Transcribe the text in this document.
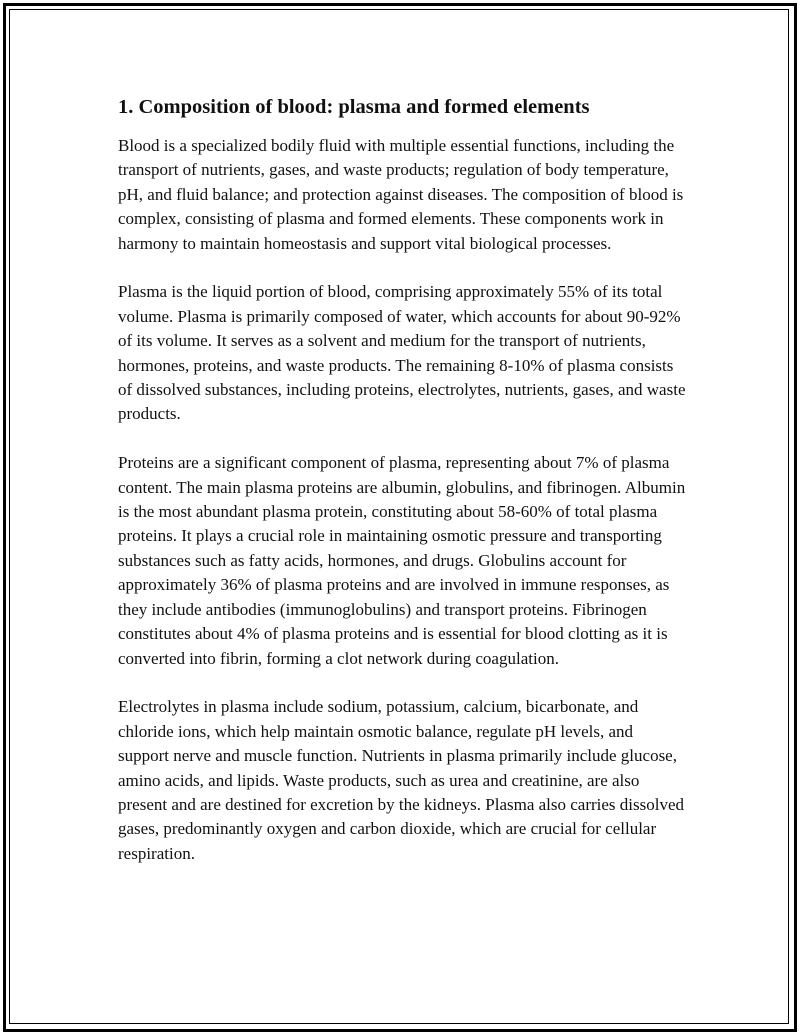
1. Composition of blood: plasma and formed elements

Blood is a specialized bodily fluid with multiple essential functions, including the transport of nutrients, gases, and waste products; regulation of body temperature, pH, and fluid balance; and protection against diseases. The composition of blood is complex, consisting of plasma and formed elements. These components work in harmony to maintain homeostasis and support vital biological processes.

Plasma is the liquid portion of blood, comprising approximately 55% of its total volume. Plasma is primarily composed of water, which accounts for about 90-92% of its volume. It serves as a solvent and medium for the transport of nutrients, hormones, proteins, and waste products. The remaining 8-10% of plasma consists of dissolved substances, including proteins, electrolytes, nutrients, gases, and waste products.

Proteins are a significant component of plasma, representing about 7% of plasma content. The main plasma proteins are albumin, globulins, and fibrinogen. Albumin is the most abundant plasma protein, constituting about 58-60% of total plasma proteins. It plays a crucial role in maintaining osmotic pressure and transporting substances such as fatty acids, hormones, and drugs. Globulins account for approximately 36% of plasma proteins and are involved in immune responses, as they include antibodies (immunoglobulins) and transport proteins. Fibrinogen constitutes about 4% of plasma proteins and is essential for blood clotting as it is converted into fibrin, forming a clot network during coagulation.

Electrolytes in plasma include sodium, potassium, calcium, bicarbonate, and chloride ions, which help maintain osmotic balance, regulate pH levels, and support nerve and muscle function. Nutrients in plasma primarily include glucose, amino acids, and lipids. Waste products, such as urea and creatinine, are also present and are destined for excretion by the kidneys. Plasma also carries dissolved gases, predominantly oxygen and carbon dioxide, which are crucial for cellular respiration.
